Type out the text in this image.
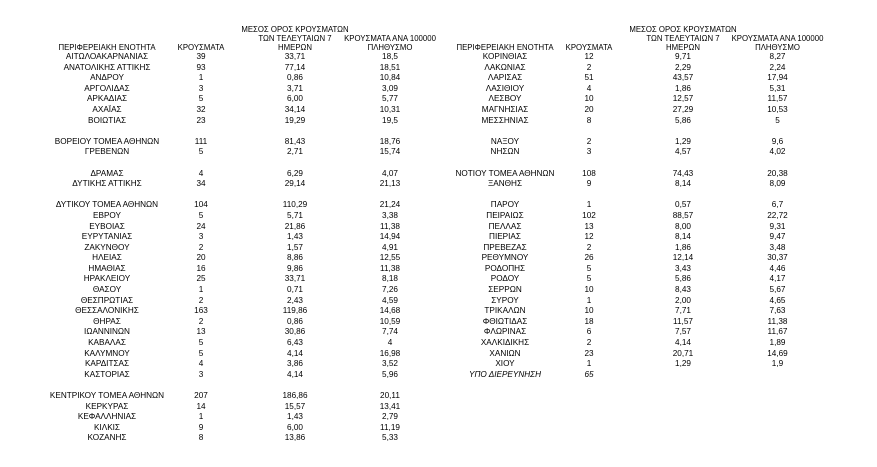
ΠΕΡΙΦΕΡΕΙΑΚΗ ΕΝΟΤΗΤΑ	ΚΡΟΥΣΜΑΤΑ
ΜΕΣΟΣ ΟΡΟΣ ΚΡΟΥΣΜΑΤΩΝ
ΤΩΝ ΤΕΛΕΥΤΑΙΩΝ 7
ΗΜΕΡΩΝ
ΚΡΟΥΣΜΑΤΑ ΑΝΑ 100000
ΠΛΗΘΥΣΜΟ
ΑΙΤΩΛΟΑΚΑΡΝΑΝΙΑΣ	39	33,71	18,5
ΑΝΑΤΟΛΙΚΗΣ ΑΤΤΙΚΗΣ	93	77,14	18,51
ΑΝΔΡΟΥ	1	0,86	10,84
ΑΡΓΟΛΙΔΑΣ	3	3,71	3,09
ΑΡΚΑΔΙΑΣ	5	6,00	5,77
ΑΧΑΪΑΣ	32	34,14	10,31
ΒΟΙΩΤΙΑΣ	23	19,29	19,5
ΒΟΡΕΙΟΥ ΤΟΜΕΑ ΑΘΗΝΩΝ	111	81,43	18,76
ΓΡΕΒΕΝΩΝ	5	2,71	15,74
ΔΡΑΜΑΣ	4	6,29	4,07
ΔΥΤΙΚΗΣ ΑΤΤΙΚΗΣ	34	29,14	21,13
ΔΥΤΙΚΟΥ ΤΟΜΕΑ ΑΘΗΝΩΝ	104	110,29	21,24
ΕΒΡΟΥ	5	5,71	3,38
ΕΥΒΟΙΑΣ	24	21,86	11,38
ΕΥΡΥΤΑΝΙΑΣ	3	1,43	14,94
ΖΑΚΥΝΘΟΥ	2	1,57	4,91
ΗΛΕΙΑΣ	20	8,86	12,55
ΗΜΑΘΙΑΣ	16	9,86	11,38
ΗΡΑΚΛΕΙΟΥ	25	33,71	8,18
ΘΑΣΟΥ	1	0,71	7,26
ΘΕΣΠΡΩΤΙΑΣ	2	2,43	4,59
ΘΕΣΣΑΛΟΝΙΚΗΣ	163	119,86	14,68
ΘΗΡΑΣ	2	0,86	10,59
ΙΩΑΝΝΙΝΩΝ	13	30,86	7,74
ΚΑΒΑΛΑΣ	5	6,43	4
ΚΑΛΥΜΝΟΥ	5	4,14	16,98
ΚΑΡΔΙΤΣΑΣ	4	3,86	3,52
ΚΑΣΤΟΡΙΑΣ	3	4,14	5,96
ΚΕΝΤΡΙΚΟΥ ΤΟΜΕΑ ΑΘΗΝΩΝ	207	186,86	20,11
ΚΕΡΚΥΡΑΣ	14	15,57	13,41
ΚΕΦΑΛΛΗΝΙΑΣ	1	1,43	2,79
ΚΙΛΚΙΣ	9	6,00	11,19
ΚΟΖΑΝΗΣ	8	13,86	5,33
ΠΕΡΙΦΕΡΕΙΑΚΗ ΕΝΟΤΗΤΑ	ΚΡΟΥΣΜΑΤΑ
ΜΕΣΟΣ ΟΡΟΣ ΚΡΟΥΣΜΑΤΩΝ
ΤΩΝ ΤΕΛΕΥΤΑΙΩΝ 7
ΗΜΕΡΩΝ
ΚΡΟΥΣΜΑΤΑ ΑΝΑ 100000
ΠΛΗΘΥΣΜΟ
ΚΟΡΙΝΘΙΑΣ	12	9,71	8,27
ΛΑΚΩΝΙΑΣ	2	2,29	2,24
ΛΑΡΙΣΑΣ	51	43,57	17,94
ΛΑΣΙΘΙΟΥ	4	1,86	5,31
ΛΕΣΒΟΥ	10	12,57	11,57
ΜΑΓΝΗΣΙΑΣ	20	27,29	10,53
ΜΕΣΣΗΝΙΑΣ	8	5,86	5
ΝΑΞΟΥ	2	1,29	9,6
ΝΗΣΩΝ	3	4,57	4,02
ΝΟΤΙΟΥ ΤΟΜΕΑ ΑΘΗΝΩΝ	108	74,43	20,38
ΞΑΝΘΗΣ	9	8,14	8,09
ΠΑΡΟΥ	1	0,57	6,7
ΠΕΙΡΑΙΩΣ	102	88,57	22,72
ΠΕΛΛΑΣ	13	8,00	9,31
ΠΙΕΡΙΑΣ	12	8,14	9,47
ΠΡΕΒΕΖΑΣ	2	1,86	3,48
ΡΕΘΥΜΝΟΥ	26	12,14	30,37
ΡΟΔΟΠΗΣ	5	3,43	4,46
ΡΟΔΟΥ	5	5,86	4,17
ΣΕΡΡΩΝ	10	8,43	5,67
ΣΥΡΟΥ	1	2,00	4,65
ΤΡΙΚΑΛΩΝ	10	7,71	7,63
ΦΘΙΩΤΙΔΑΣ	18	11,57	11,38
ΦΛΩΡΙΝΑΣ	6	7,57	11,67
ΧΑΛΚΙΔΙΚΗΣ	2	4,14	1,89
ΧΑΝΙΩΝ	23	20,71	14,69
ΧΙΟΥ	1	1,29	1,9
ΥΠΟ ΔΙΕΡΕΥΝΗΣΗ	65
